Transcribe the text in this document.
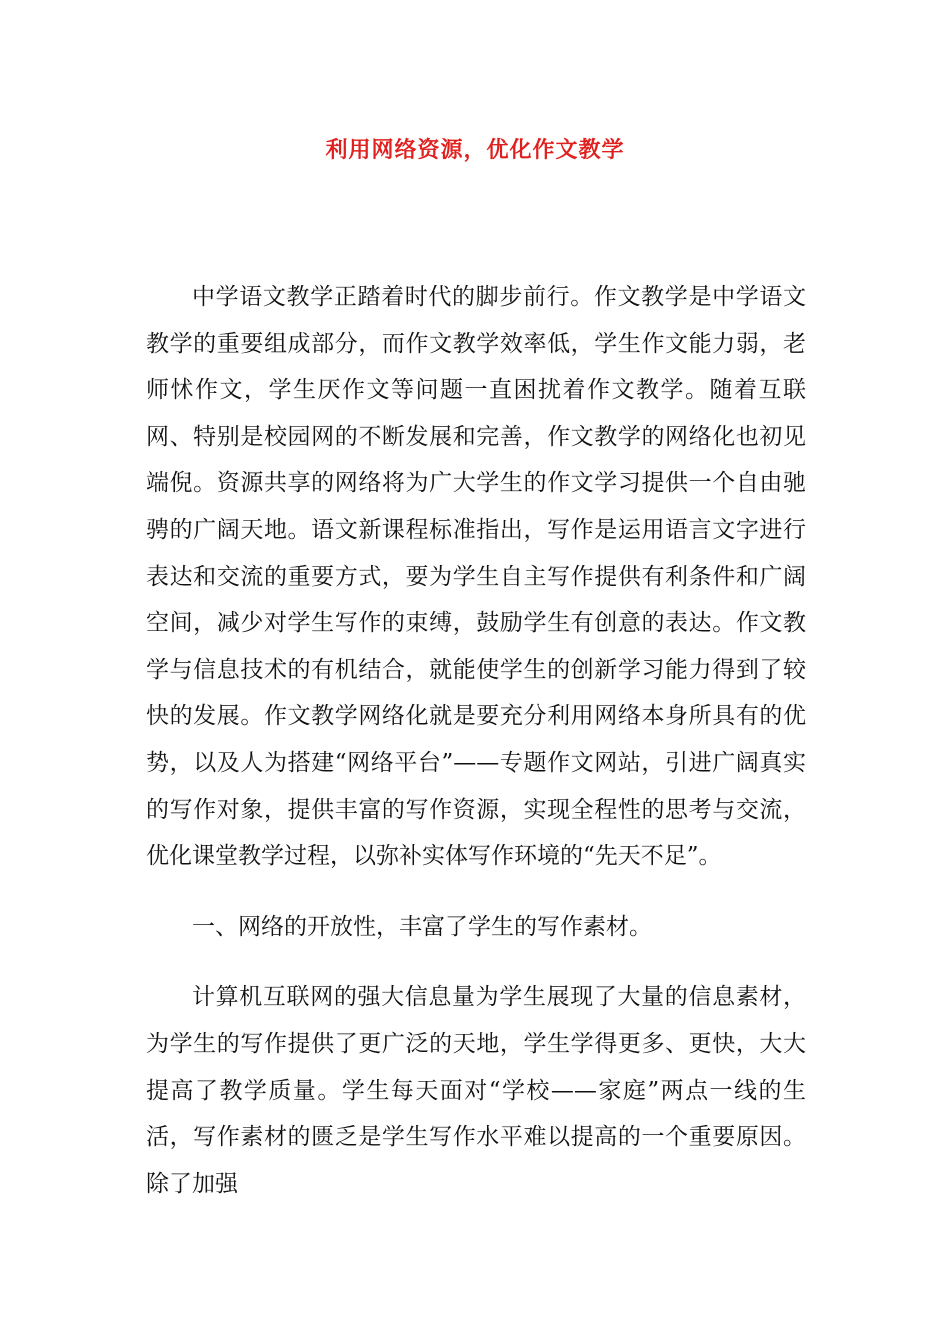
利用网络资源，优化作文教学

中学语文教学正踏着时代的脚步前行。作文教学是中学语文教学的重要组成部分，而作文教学效率低，学生作文能力弱，老师怵作文，学生厌作文等问题一直困扰着作文教学。随着互联网、特别是校园网的不断发展和完善，作文教学的网络化也初见端倪。资源共享的网络将为广大学生的作文学习提供一个自由驰骋的广阔天地。语文新课程标准指出，写作是运用语言文字进行表达和交流的重要方式，要为学生自主写作提供有利条件和广阔空间，减少对学生写作的束缚，鼓励学生有创意的表达。作文教学与信息技术的有机结合，就能使学生的创新学习能力得到了较快的发展。作文教学网络化就是要充分利用网络本身所具有的优势，以及人为搭建“网络平台”——专题作文网站，引进广阔真实的写作对象，提供丰富的写作资源，实现全程性的思考与交流，优化课堂教学过程，以弥补实体写作环境的“先天不足”。

一、网络的开放性，丰富了学生的写作素材。

计算机互联网的强大信息量为学生展现了大量的信息素材，为学生的写作提供了更广泛的天地，学生学得更多、更快，大大提高了教学质量。学生每天面对“学校——家庭”两点一线的生活，写作素材的匮乏是学生写作水平难以提高的一个重要原因。除了加强
